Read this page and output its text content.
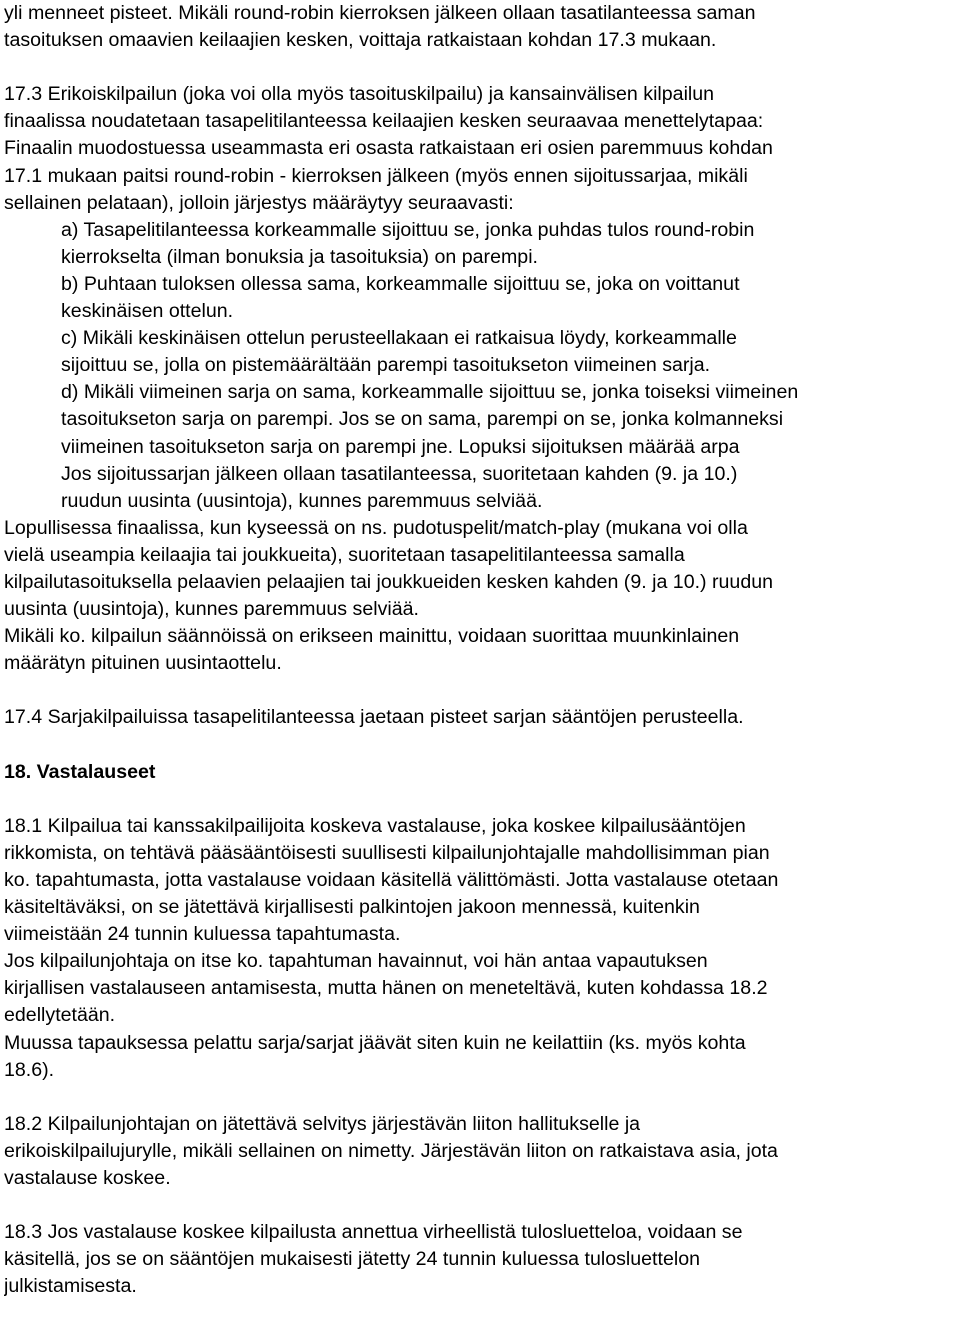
yli menneet pisteet. Mikäli round-robin kierroksen jälkeen ollaan tasatilanteessa saman
tasoituksen omaavien keilaajien kesken, voittaja ratkaistaan kohdan 17.3 mukaan.
17.3 Erikoiskilpailun (joka voi olla myös tasoituskilpailu) ja kansainvälisen kilpailun
finaalissa noudatetaan tasapelitilanteessa keilaajien kesken seuraavaa menettelytapaa:
Finaalin muodostuessa useammasta eri osasta ratkaistaan eri osien paremmuus kohdan
17.1 mukaan paitsi round-robin - kierroksen jälkeen (myös ennen sijoitussarjaa, mikäli
sellainen pelataan), jolloin järjestys määräytyy seuraavasti:
a) Tasapelitilanteessa korkeammalle sijoittuu se, jonka puhdas tulos round-robin
kierrokselta (ilman bonuksia ja tasoituksia) on parempi.
b) Puhtaan tuloksen ollessa sama, korkeammalle sijoittuu se, joka on voittanut
keskinäisen ottelun.
c) Mikäli keskinäisen ottelun perusteellakaan ei ratkaisua löydy, korkeammalle
sijoittuu se, jolla on pistemäärältään parempi tasoitukseton viimeinen sarja.
d) Mikäli viimeinen sarja on sama, korkeammalle sijoittuu se, jonka toiseksi viimeinen
tasoitukseton sarja on parempi. Jos se on sama, parempi on se, jonka kolmanneksi
viimeinen tasoitukseton sarja on parempi jne. Lopuksi sijoituksen määrää arpa
Jos sijoitussarjan jälkeen ollaan tasatilanteessa, suoritetaan kahden (9. ja 10.)
ruudun uusinta (uusintoja), kunnes paremmuus selviää.
Lopullisessa finaalissa, kun kyseessä on ns. pudotuspelit/match-play (mukana voi olla
vielä useampia keilaajia tai joukkueita), suoritetaan tasapelitilanteessa samalla
kilpailutasoituksella pelaavien pelaajien tai joukkueiden kesken kahden (9. ja 10.) ruudun
uusinta (uusintoja), kunnes paremmuus selviää.
Mikäli ko. kilpailun säännöissä on erikseen mainittu, voidaan suorittaa muunkinlainen
määrätyn pituinen uusintaottelu.
17.4 Sarjakilpailuissa tasapelitilanteessa jaetaan pisteet sarjan sääntöjen perusteella.
18. Vastalauseet
18.1 Kilpailua tai kanssakilpailijoita koskeva vastalause, joka koskee kilpailusääntöjen
rikkomista, on tehtävä pääsääntöisesti suullisesti kilpailunjohtajalle mahdollisimman pian
ko. tapahtumasta, jotta vastalause voidaan käsitellä välittömästi. Jotta vastalause otetaan
käsiteltäväksi, on se jätettävä kirjallisesti palkintojen jakoon mennessä, kuitenkin
viimeistään 24 tunnin kuluessa tapahtumasta.
Jos kilpailunjohtaja on itse ko. tapahtuman havainnut, voi hän antaa vapautuksen
kirjallisen vastalauseen antamisesta, mutta hänen on meneteltävä, kuten kohdassa 18.2
edellytetään.
Muussa tapauksessa pelattu sarja/sarjat jäävät siten kuin ne keilattiin (ks. myös kohta
18.6).
18.2 Kilpailunjohtajan on jätettävä selvitys järjestävän liiton hallitukselle ja
erikoiskilpailujurylle, mikäli sellainen on nimetty. Järjestävän liiton on ratkaistava asia, jota
vastalause koskee.
18.3 Jos vastalause koskee kilpailusta annettua virheellistä tulosluetteloa, voidaan se
käsitellä, jos se on sääntöjen mukaisesti jätetty 24 tunnin kuluessa tulosluettelon
julkistamisesta.
